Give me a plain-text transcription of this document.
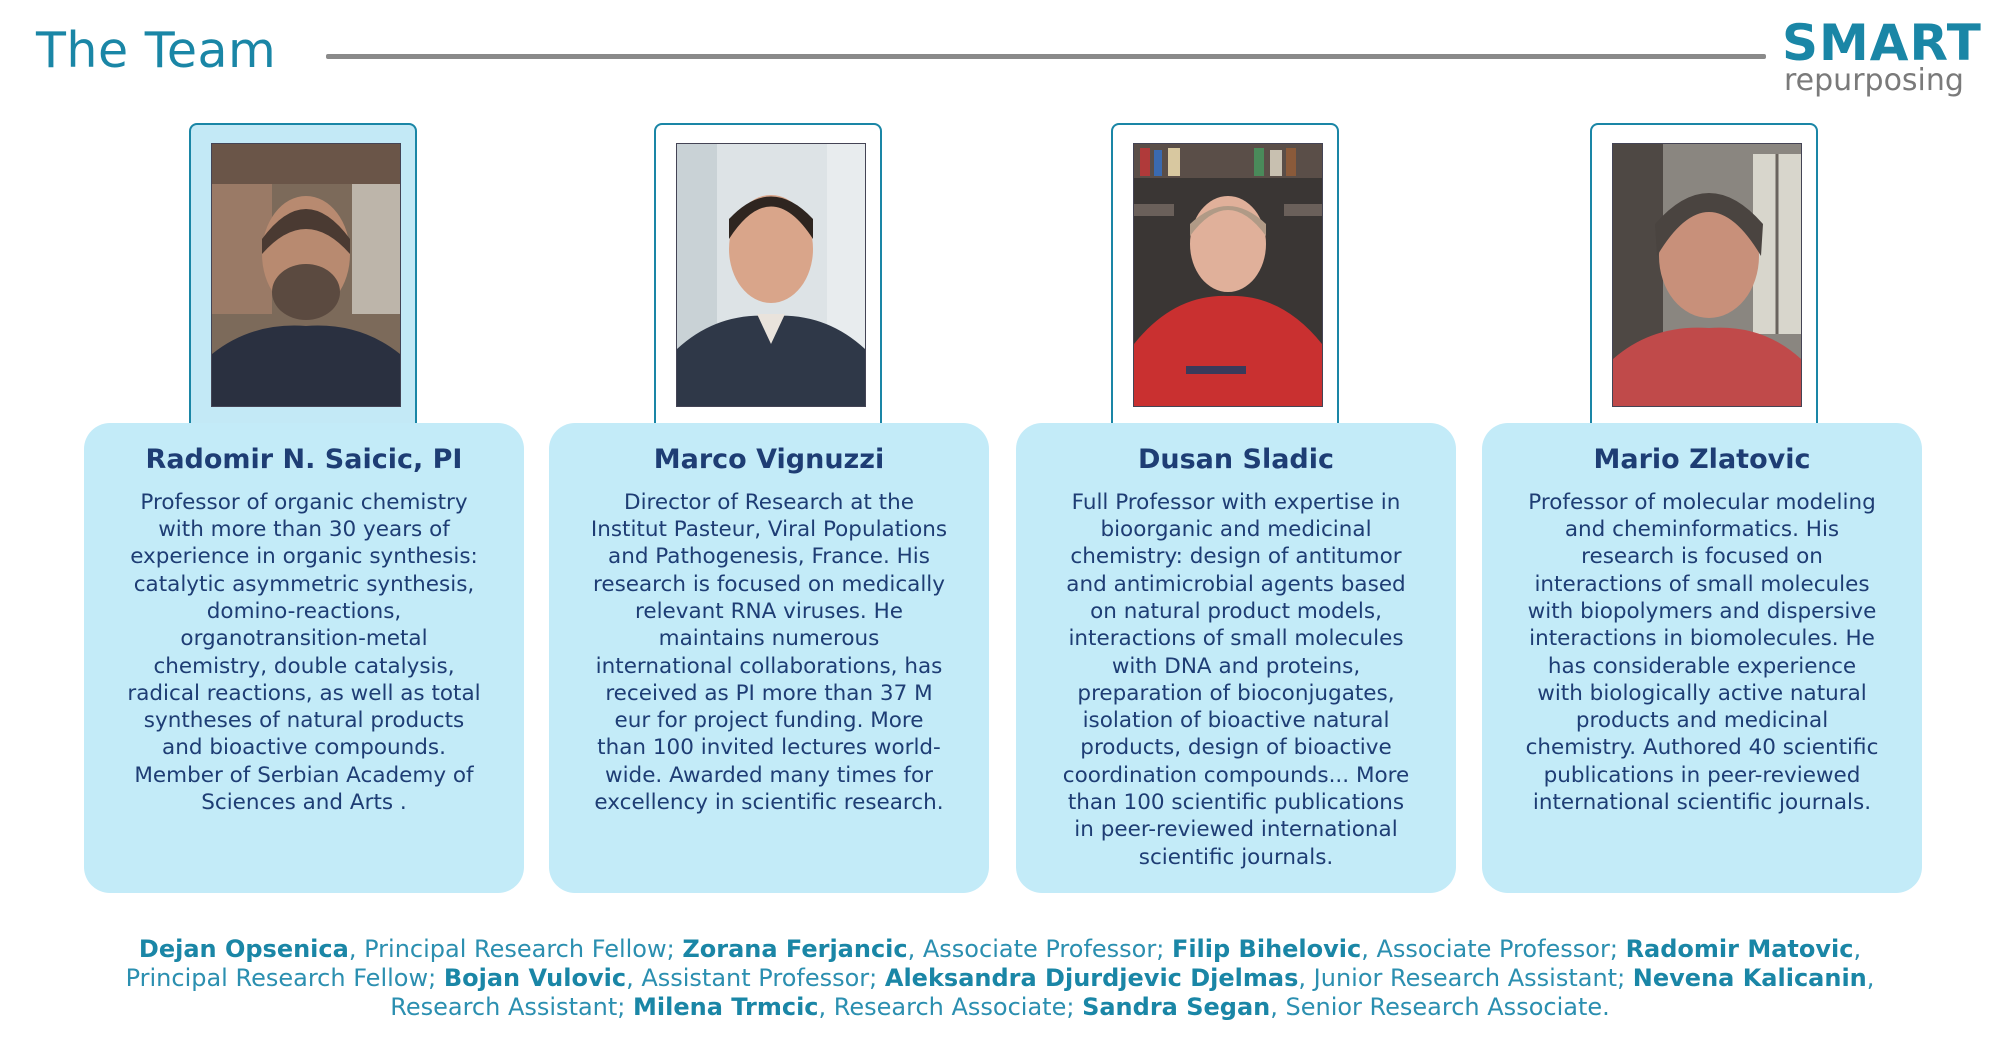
The Team	SMART
repurposing

Radomir N. Saicic, PI

Professor of organic chemistry with more than 30 years of experience in organic synthesis: catalytic asymmetric synthesis, domino-reactions, organotransition-metal chemistry, double catalysis, radical reactions, as well as total syntheses of natural products and bioactive compounds. Member of Serbian Academy of Sciences and Arts .

Marco Vignuzzi

Director of Research at the Institut Pasteur, Viral Populations and Pathogenesis, France. His research is focused on medically relevant RNA viruses. He maintains numerous international collaborations, has received as PI more than 37 M eur for project funding. More than 100 invited lectures world-wide. Awarded many times for excellency in scientific research.

Dusan Sladic

Full Professor with expertise in bioorganic and medicinal chemistry: design of antitumor and antimicrobial agents based on natural product models, interactions of small molecules with DNA and proteins, preparation of bioconjugates, isolation of bioactive natural products, design of bioactive coordination compounds... More than 100 scientific publications in peer-reviewed international scientific journals.

Mario Zlatovic

Professor of molecular modeling and cheminformatics. His research is focused on interactions of small molecules with biopolymers and dispersive interactions in biomolecules. He has considerable experience with biologically active natural products and medicinal chemistry. Authored 40 scientific publications in peer-reviewed international scientific journals.

Dejan Opsenica, Principal Research Fellow; Zorana Ferjancic, Associate Professor; Filip Bihelovic, Associate Professor; Radomir Matovic, Principal Research Fellow; Bojan Vulovic, Assistant Professor; Aleksandra Djurdjevic Djelmas, Junior Research Assistant; Nevena Kalicanin, Research Assistant; Milena Trmcic, Research Associate; Sandra Segan, Senior Research Associate.
